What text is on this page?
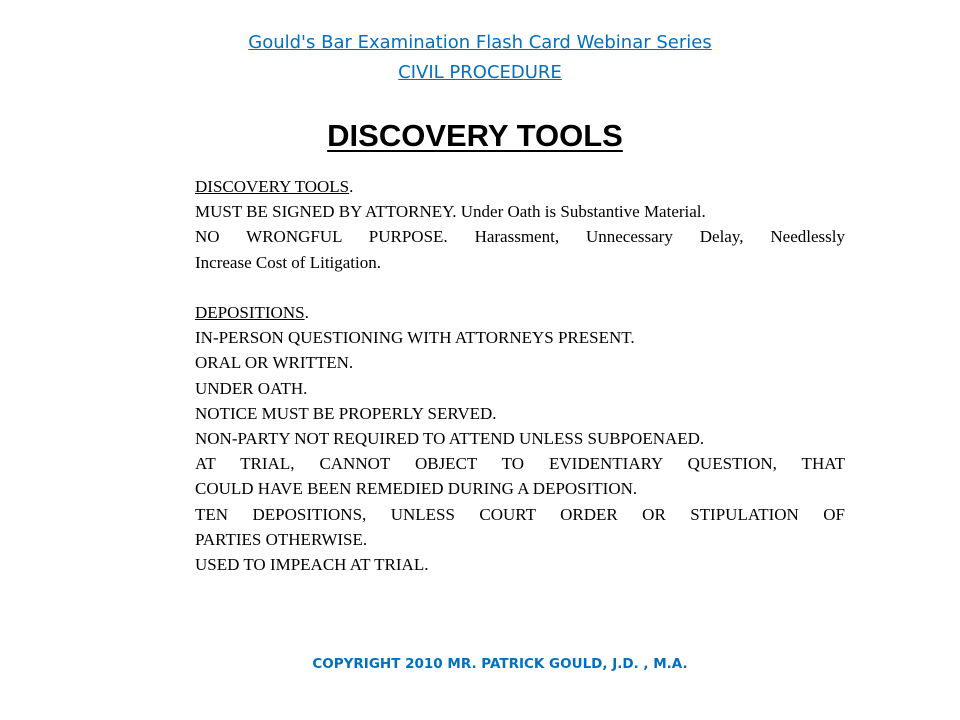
Gould's Bar Examination Flash Card Webinar Series
CIVIL PROCEDURE
DISCOVERY TOOLS
DISCOVERY TOOLS.
MUST BE SIGNED BY ATTORNEY. Under Oath is Substantive Material.
NO WRONGFUL PURPOSE. Harassment, Unnecessary Delay, Needlessly
Increase Cost of Litigation.
DEPOSITIONS.
IN-PERSON QUESTIONING WITH ATTORNEYS PRESENT.
ORAL OR WRITTEN.
UNDER OATH.
NOTICE MUST BE PROPERLY SERVED.
NON-PARTY NOT REQUIRED TO ATTEND UNLESS SUBPOENAED.
AT TRIAL, CANNOT OBJECT TO EVIDENTIARY QUESTION, THAT
COULD HAVE BEEN REMEDIED DURING A DEPOSITION.
TEN DEPOSITIONS, UNLESS COURT ORDER OR STIPULATION OF
PARTIES OTHERWISE.
USED TO IMPEACH AT TRIAL.
COPYRIGHT 2010 MR. PATRICK GOULD, J.D. , M.A.
